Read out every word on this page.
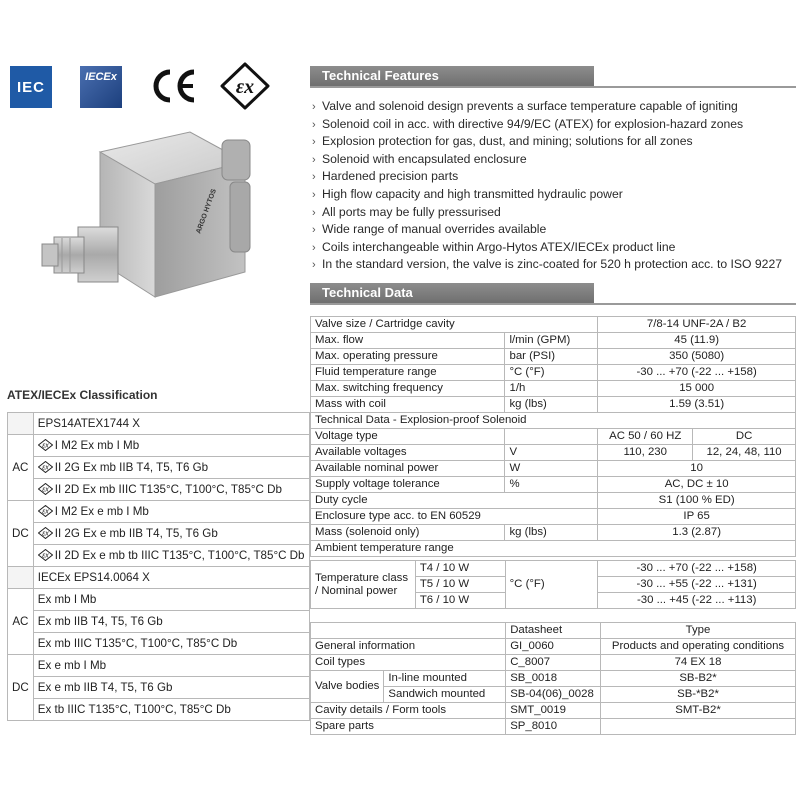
IEC
IECEx	εx
ARGO HYTOS
Technical Features
› Valve and solenoid design prevents a surface temperature capable of igniting
› Solenoid coil in acc. with directive 94/9/EC (ATEX) for explosion-hazard zones
› Explosion protection for gas, dust, and mining; solutions for all zones
› Solenoid with encapsulated enclosure
› Hardened precision parts
› High flow capacity and high transmitted hydraulic power
› All ports may be fully pressurised
› Wide range of manual overrides available
› Coils interchangeable within Argo-Hytos ATEX/IECEx product line
› In the standard version, the valve is zinc-coated for 520 h protection acc. to ISO 9227
Technical Data
Valve size / Cartridge cavity		7/8-14 UNF-2A / B2	
Max. flow	l/min (GPM)	45 (11.9)	
Max. operating pressure	bar (PSI)	350 (5080)	
Fluid temperature range	°C (°F)	-30 ... +70 (-22 ... +158)	
Max. switching frequency	1/h	15 000	
Mass with coil	kg (lbs)	1.59 (3.51)	
Technical Data - Explosion-proof Solenoid			
Voltage type		AC 50 / 60 HZ	DC
Available voltages	V	110, 230	12, 24, 48, 110
Available nominal power	W	10	
Supply voltage tolerance	%	AC, DC ± 10	
Duty cycle		S1 (100 % ED)	
Enclosure type acc. to EN 60529		IP 65	
Mass (solenoid only)	kg (lbs)	1.3 (2.87)	
Ambient temperature range			
Temperature class / Nominal power	T4 / 10 W	°C (°F)	-30 ... +70 (-22 ... +158)
	T5 / 10 W		-30 ... +55 (-22 ... +131)
	T6 / 10 W		-30 ... +45 (-22 ... +113)
		Datasheet	Type
General information		GI_0060	Products and operating conditions
Coil types		C_8007	74 EX 18
Valve bodies	In-line mounted	SB_0018	SB-B2*
	Sandwich mounted	SB-04(06)_0028	SB-*B2*
Cavity details / Form tools		SMT_0019	SMT-B2*
Spare parts		SP_8010	
ATEX/IECEx Classification
	EPS14ATEX1744 X
AC	εx I M2 Ex mb I Mb

εx II 2G Ex mb IIB T4, T5, T6 Gb

εx II 2D Ex mb IIIC T135°C, T100°C, T85°C Db
DC	εx I M2 Ex e mb I Mb

εx II 2G Ex e mb IIB T4, T5, T6 Gb

εx II 2D Ex e mb tb IIIC T135°C, T100°C, T85°C Db
	IECEx EPS14.0064 X
AC	Ex mb I Mb
	Ex mb IIB T4, T5, T6 Gb
	Ex mb IIIC T135°C, T100°C, T85°C Db
DC	Ex e mb I Mb
	Ex e mb IIB T4, T5, T6 Gb
	Ex tb IIIC T135°C, T100°C, T85°C Db
